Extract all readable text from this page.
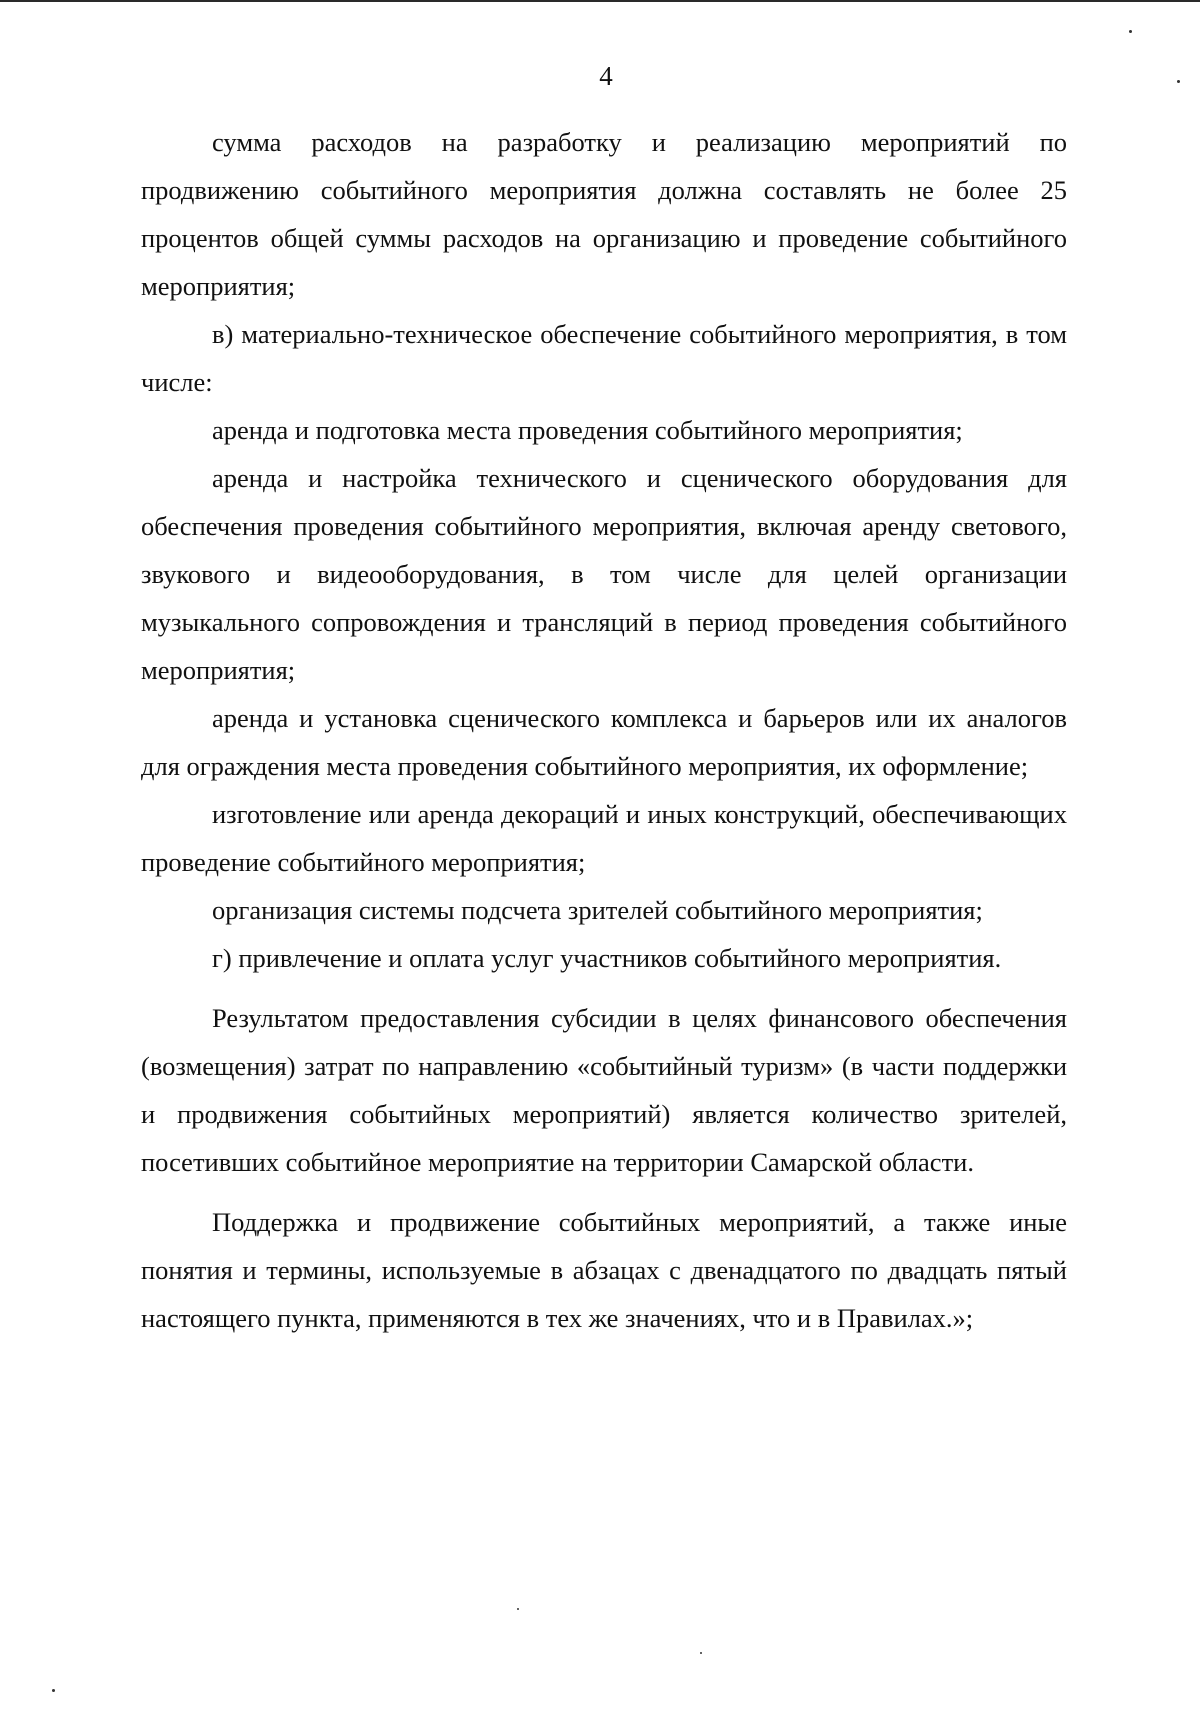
4

сумма расходов на разработку и реализацию мероприятий по продвижению событийного мероприятия должна составлять не более 25 процентов общей суммы расходов на организацию и проведение событийного мероприятия;

в) материально-техническое обеспечение событийного мероприятия, в том числе:

аренда и подготовка места проведения событийного мероприятия;

аренда и настройка технического и сценического оборудования для обеспечения проведения событийного мероприятия, включая аренду светового, звукового и видеооборудования, в том числе для целей организации музыкального сопровождения и трансляций в период проведения событийного мероприятия;

аренда и установка сценического комплекса и барьеров или их аналогов для ограждения места проведения событийного мероприятия, их оформление;

изготовление или аренда декораций и иных конструкций, обеспечивающих проведение событийного мероприятия;

организация системы подсчета зрителей событийного мероприятия;

г) привлечение и оплата услуг участников событийного мероприятия.

Результатом предоставления субсидии в целях финансового обеспечения (возмещения) затрат по направлению «событийный туризм» (в части поддержки и продвижения событийных мероприятий) является количество зрителей, посетивших событийное мероприятие на территории Самарской области.

Поддержка и продвижение событийных мероприятий, а также иные понятия и термины, используемые в абзацах с двенадцатого по двадцать пятый настоящего пункта, применяются в тех же значениях, что и в Правилах.»;
